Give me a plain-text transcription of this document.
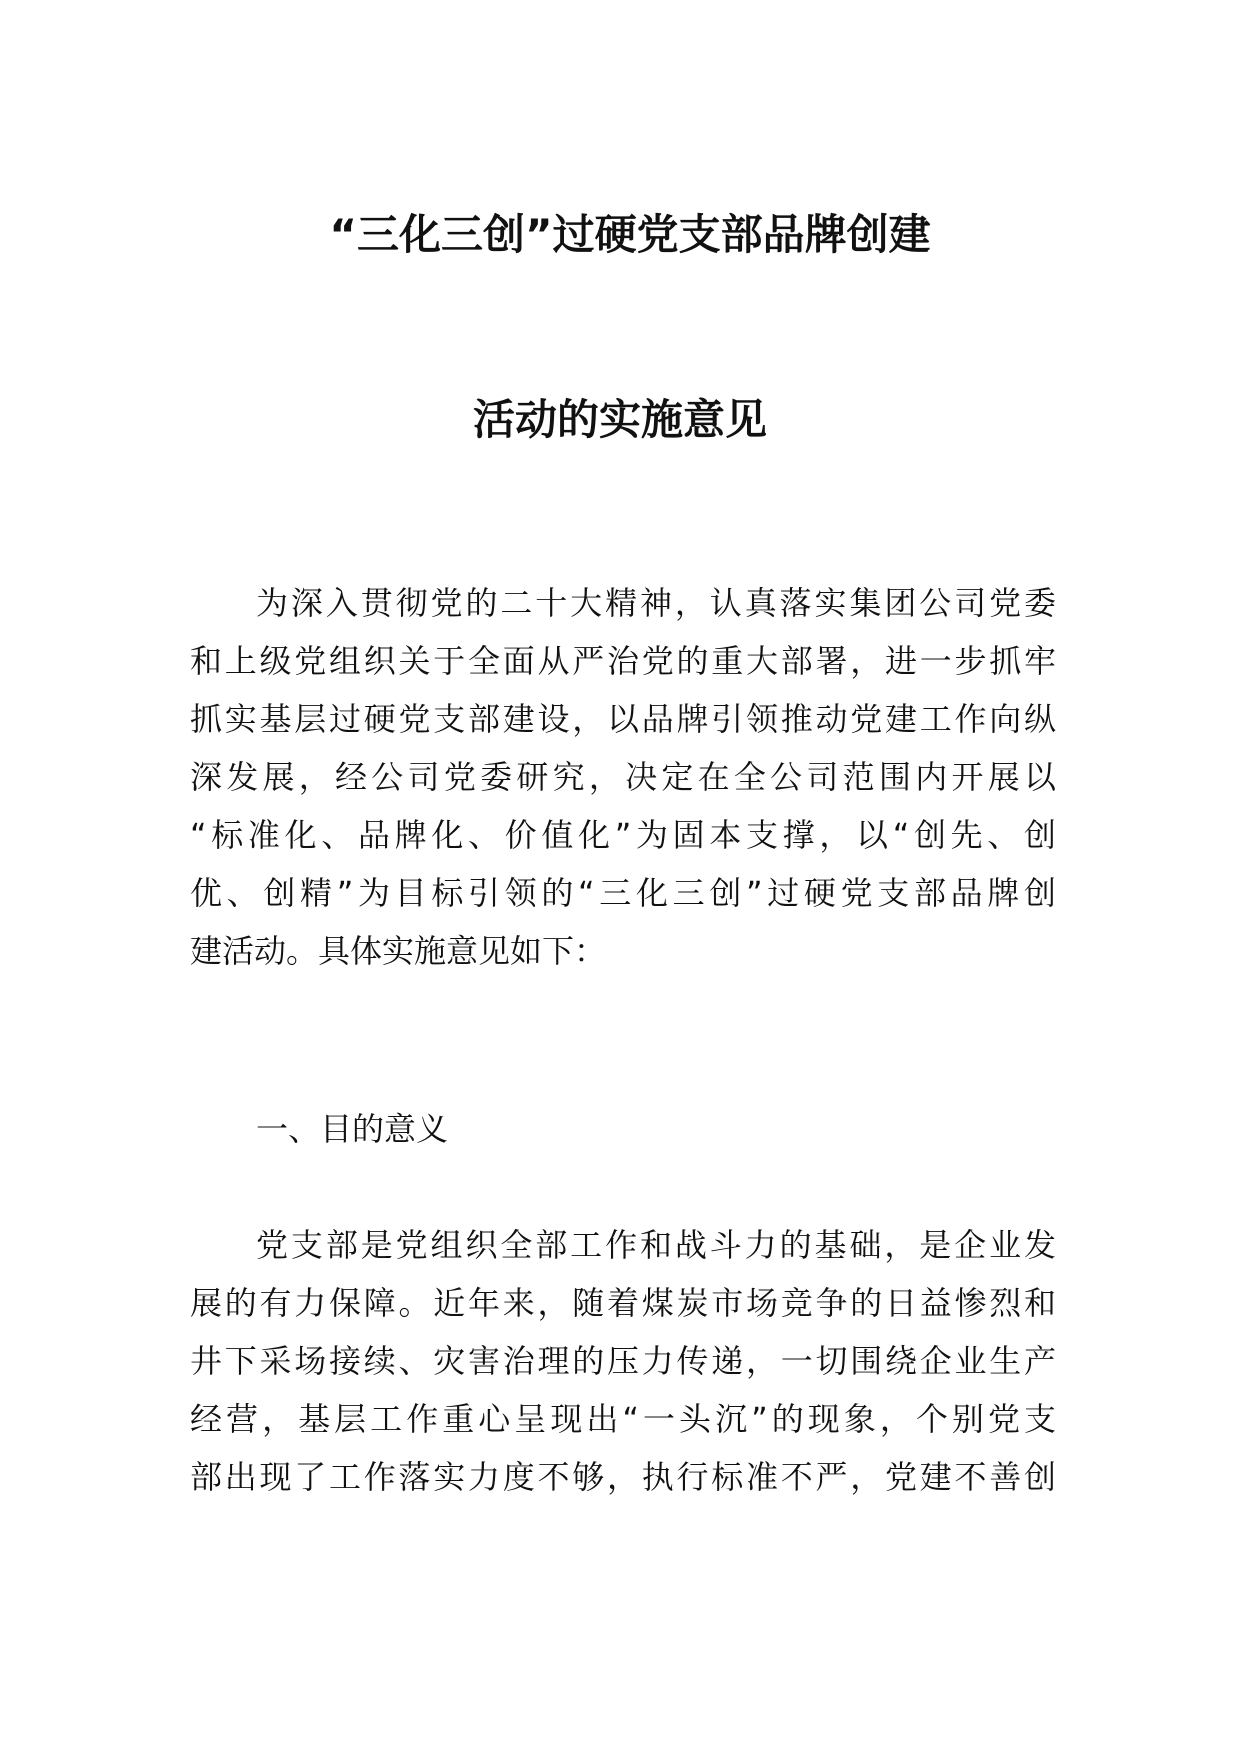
“三化三创”过硬党支部品牌创建
活动的实施意见
为深入贯彻党的二十大精神，认真落实集团公司党委
和上级党组织关于全面从严治党的重大部署，进一步抓牢
抓实基层过硬党支部建设，以品牌引领推动党建工作向纵
深发展，经公司党委研究，决定在全公司范围内开展以
“标准化、品牌化、价值化”为固本支撑，以“创先、创
优、创精”为目标引领的“三化三创”过硬党支部品牌创
建活动。具体实施意见如下：
一、目的意义
党支部是党组织全部工作和战斗力的基础，是企业发
展的有力保障。近年来，随着煤炭市场竞争的日益惨烈和
井下采场接续、灾害治理的压力传递，一切围绕企业生产
经营，基层工作重心呈现出“一头沉”的现象，个别党支
部出现了工作落实力度不够，执行标准不严，党建不善创
